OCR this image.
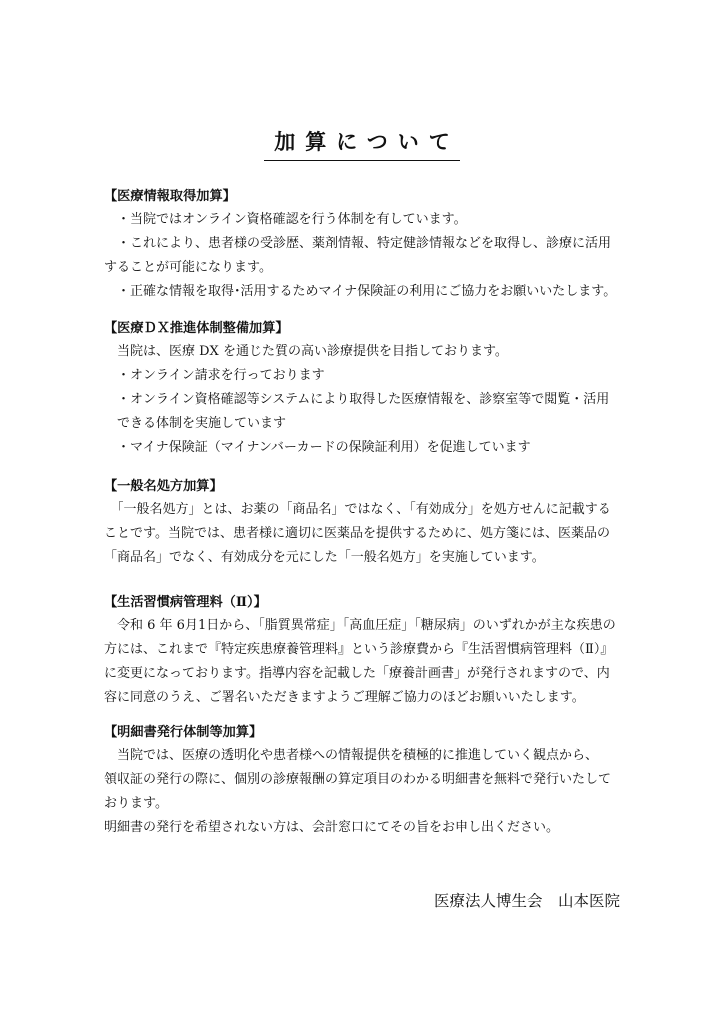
加算について
【医療情報取得加算】
　・当院ではオンライン資格確認を行う体制を有しています。
　・これにより、患者様の受診歴、薬剤情報、特定健診情報などを取得し、診療に活用
することが可能になります。
　・正確な情報を取得･活用するためマイナ保険証の利用にご協力をお願いいたします。
【医療ＤＸ推進体制整備加算】
　当院は、医療 DX を通じた質の高い診療提供を目指しております。
　・オンライン請求を行っております
　・オンライン資格確認等システムにより取得した医療情報を、診察室等で閲覧・活用
　できる体制を実施しています
　・マイナ保険証（マイナンバーカードの保険証利用）を促進しています
【一般名処方加算】
　「一般名処方」とは、お薬の「商品名」ではなく、「有効成分」を処方せんに記載する
ことです。当院では、患者様に適切に医薬品を提供するために、処方箋には、医薬品の
「商品名」でなく、有効成分を元にした「一般名処方」を実施しています。
【生活習慣病管理料（Ⅱ）】
　令和 6 年 6月1日から、「脂質異常症」「高血圧症」「糖尿病」のいずれかが主な疾患の
方には、これまで『特定疾患療養管理料』という診療費から『生活習慣病管理料（Ⅱ）』
に変更になっております。指導内容を記載した「療養計画書」が発行されますので、内
容に同意のうえ、ご署名いただきますようご理解ご協力のほどお願いいたします。
【明細書発行体制等加算】
　当院では、医療の透明化や患者様への情報提供を積極的に推進していく観点から、
領収証の発行の際に、個別の診療報酬の算定項目のわかる明細書を無料で発行いたして
おります。
明細書の発行を希望されない方は、会計窓口にてその旨をお申し出ください。
医療法人博生会　山本医院
